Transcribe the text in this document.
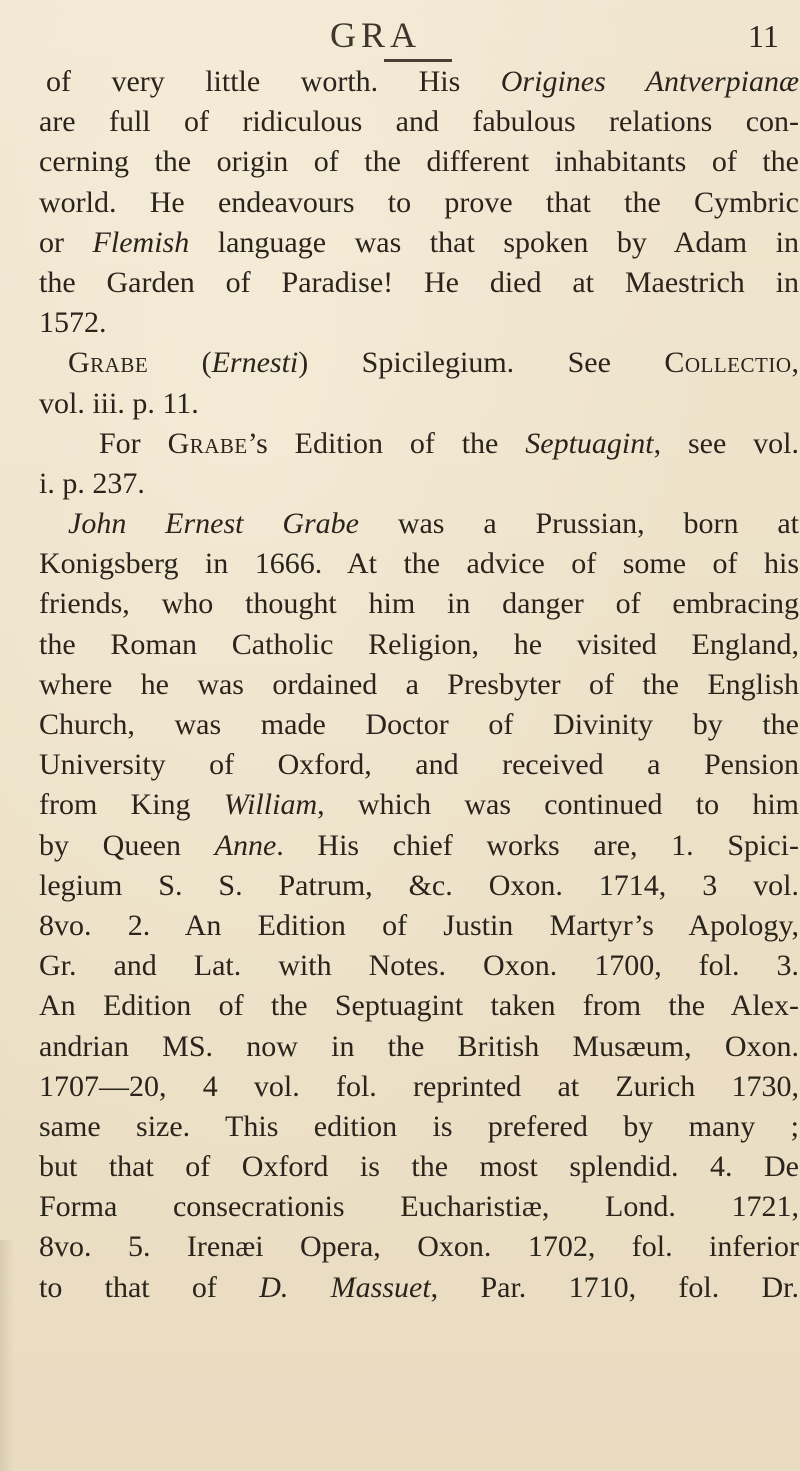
GRA	11
of very little worth. His Origines Antverpianæ
are full of ridiculous and fabulous relations con-
cerning the origin of the different inhabitants of the
world. He endeavours to prove that the Cymbric
or Flemish language was that spoken by Adam in
the Garden of Paradise! He died at Maestrich in
1572.
Grabe (Ernesti) Spicilegium. See Collectio,
vol. iii. p. 11.
For Grabe’s Edition of the Septuagint, see vol.
i. p. 237.
John Ernest Grabe was a Prussian, born at
Konigsberg in 1666. At the advice of some of his
friends, who thought him in danger of embracing
the Roman Catholic Religion, he visited England,
where he was ordained a Presbyter of the English
Church, was made Doctor of Divinity by the
University of Oxford, and received a Pension
from King William, which was continued to him
by Queen Anne. His chief works are, 1. Spici-
legium S. S. Patrum, &c. Oxon. 1714, 3 vol.
8vo. 2. An Edition of Justin Martyr’s Apology,
Gr. and Lat. with Notes. Oxon. 1700, fol. 3.
An Edition of the Septuagint taken from the Alex-
andrian MS. now in the British Musæum, Oxon.
1707—20, 4 vol. fol. reprinted at Zurich 1730,
same size. This edition is prefered by many ;
but that of Oxford is the most splendid. 4. De
Forma consecrationis Eucharistiæ, Lond. 1721,
8vo. 5. Irenæi Opera, Oxon. 1702, fol. inferior
to that of D. Massuet, Par. 1710, fol. Dr.
